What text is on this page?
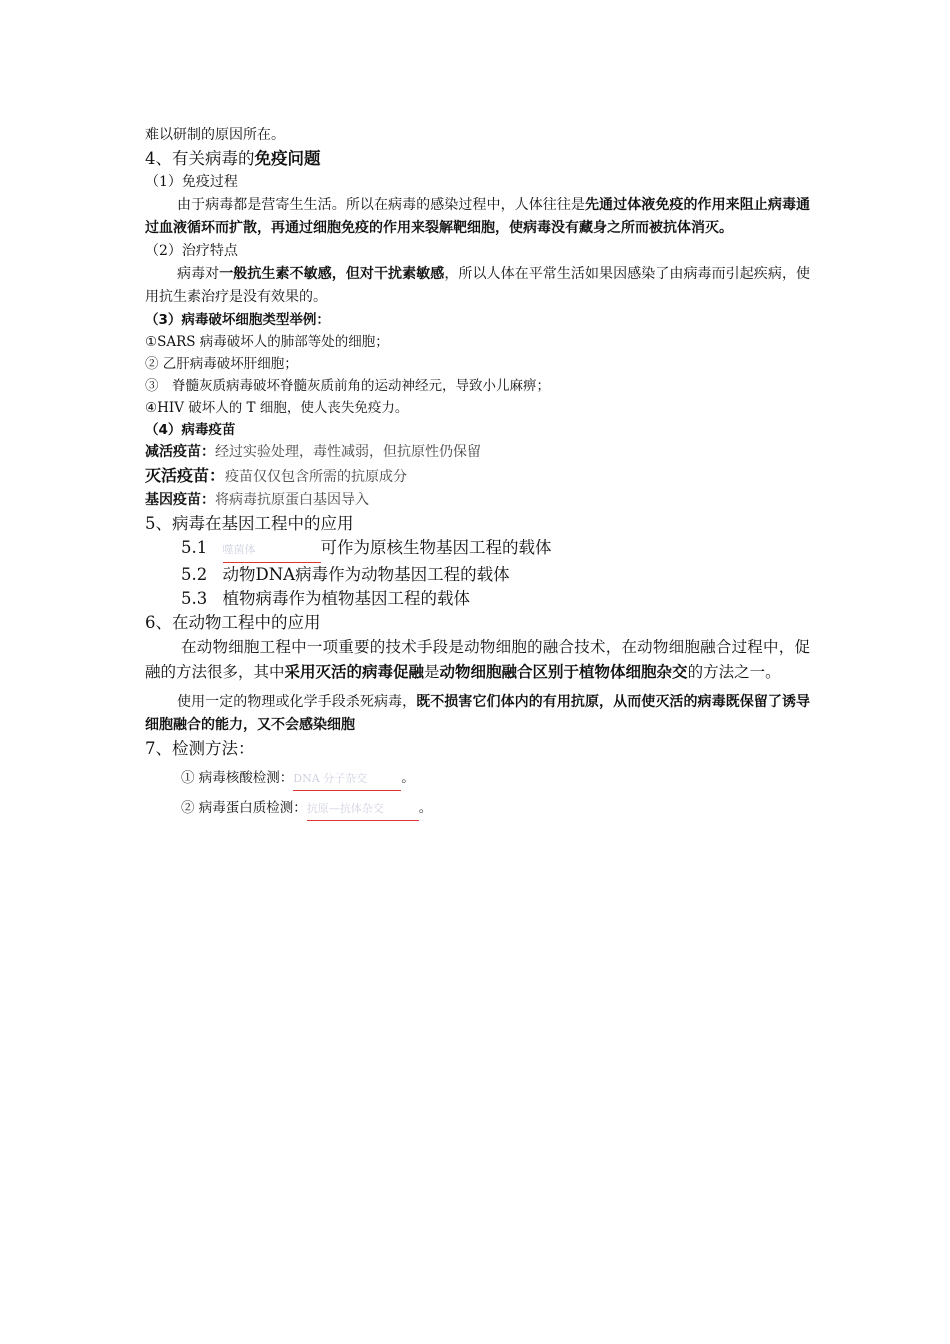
难以研制的原因所在。
4、有关病毒的免疫问题
（1）免疫过程
由于病毒都是营寄生生活。所以在病毒的感染过程中，人体往往是先通过体液免疫的作用来阻止病毒通过血液循环而扩散，再通过细胞免疫的作用来裂解靶细胞，使病毒没有藏身之所而被抗体消灭。
（2）治疗特点
病毒对一般抗生素不敏感，但对干扰素敏感，所以人体在平常生活如果因感染了由病毒而引起疾病，使用抗生素治疗是没有效果的。
（3）病毒破坏细胞类型举例：
①SARS 病毒破坏人的肺部等处的细胞；
② 乙肝病毒破坏肝细胞；
③　脊髓灰质病毒破坏脊髓灰质前角的运动神经元，导致小儿麻痹；
④HIV 破坏人的 T 细胞，使人丧失免疫力。
（4）病毒疫苗
减活疫苗：经过实验处理，毒性减弱，但抗原性仍保留
灭活疫苗：疫苗仅仅包含所需的抗原成分
基因疫苗：将病毒抗原蛋白基因导入
5、病毒在基因工程中的应用
5.1 噬菌体	可作为原核生物基因工程的载体
5.2 动物DNA病毒作为动物基因工程的载体
5.3 植物病毒作为植物基因工程的载体
6、在动物工程中的应用
在动物细胞工程中一项重要的技术手段是动物细胞的融合技术，在动物细胞融合过程中，促融的方法很多，其中采用灭活的病毒促融是动物细胞融合区别于植物体细胞杂交的方法之一。
使用一定的物理或化学手段杀死病毒，既不损害它们体内的有用抗原，从而使灭活的病毒既保留了诱导细胞融合的能力，又不会感染细胞
7、检测方法：
① 病毒核酸检测：DNA 分子杂交	。
② 病毒蛋白质检测：抗原—抗体杂交	。
